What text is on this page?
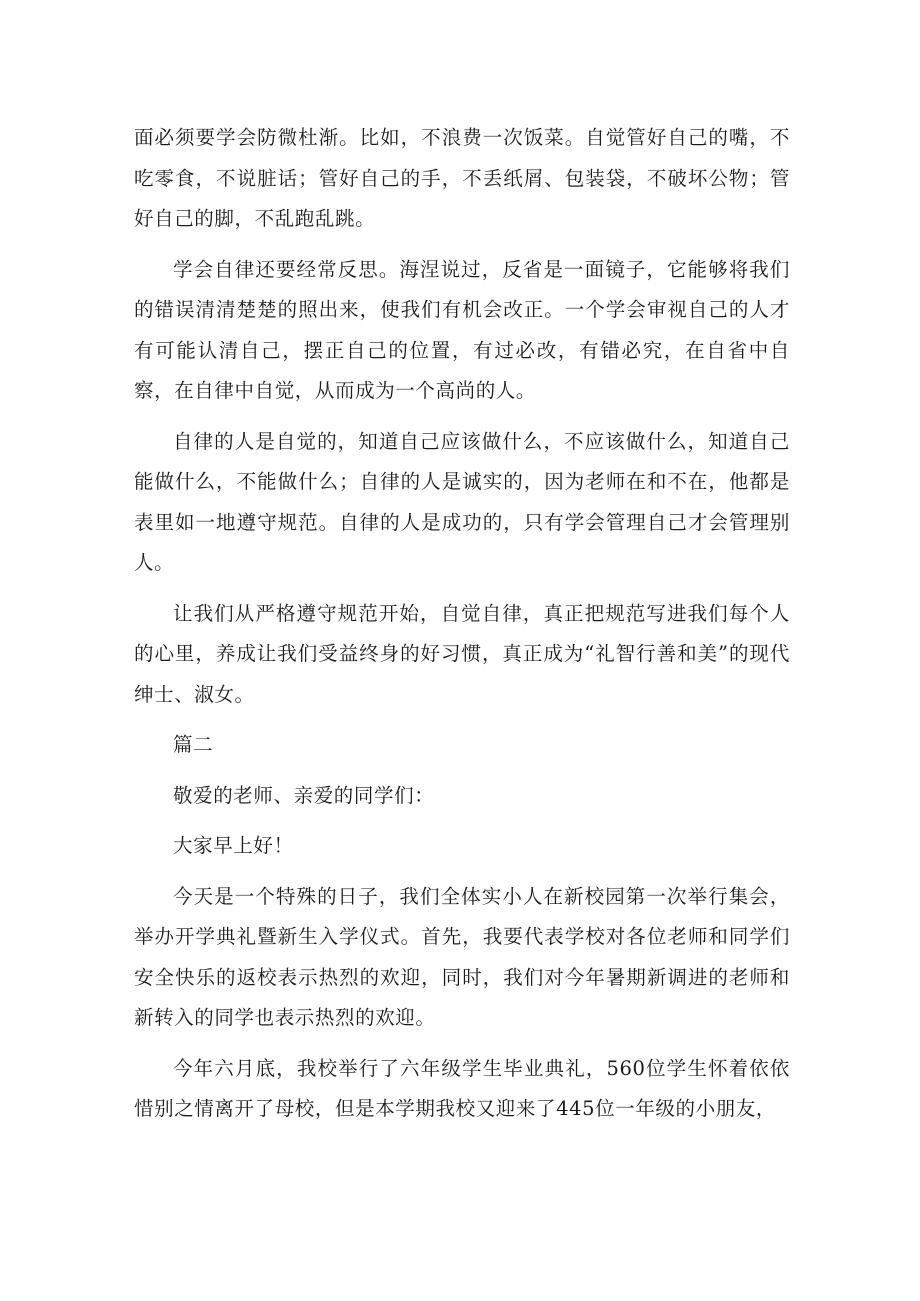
面必须要学会防微杜渐。比如，不浪费一次饭菜。自觉管好自己的嘴，不吃零食，不说脏话；管好自己的手，不丢纸屑、包装袋，不破坏公物；管好自己的脚，不乱跑乱跳。

学会自律还要经常反思。海涅说过，反省是一面镜子，它能够将我们的错误清清楚楚的照出来，使我们有机会改正。一个学会审视自己的人才有可能认清自己，摆正自己的位置，有过必改，有错必究，在自省中自察，在自律中自觉，从而成为一个高尚的人。

自律的人是自觉的，知道自己应该做什么，不应该做什么，知道自己能做什么，不能做什么；自律的人是诚实的，因为老师在和不在，他都是表里如一地遵守规范。自律的人是成功的，只有学会管理自己才会管理别人。

让我们从严格遵守规范开始，自觉自律，真正把规范写进我们每个人的心里，养成让我们受益终身的好习惯，真正成为“礼智行善和美”的现代绅士、淑女。

篇二

敬爱的老师、亲爱的同学们：

大家早上好！

今天是一个特殊的日子，我们全体实小人在新校园第一次举行集会，举办开学典礼暨新生入学仪式。首先，我要代表学校对各位老师和同学们安全快乐的返校表示热烈的欢迎，同时，我们对今年暑期新调进的老师和新转入的同学也表示热烈的欢迎。

今年六月底，我校举行了六年级学生毕业典礼，560位学生怀着依依惜别之情离开了母校，但是本学期我校又迎来了445位一年级的小朋友，
